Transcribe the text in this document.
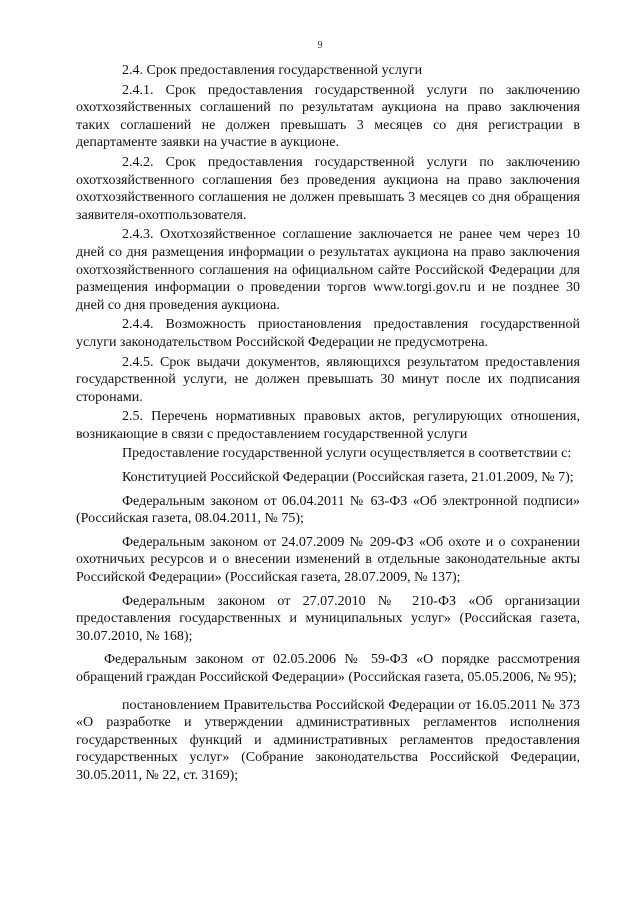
9

2.4. Срок предоставления государственной услуги

2.4.1. Срок предоставления государственной услуги по заключению охотхозяйственных соглашений по результатам аукциона на право заключения таких соглашений не должен превышать 3 месяцев со дня регистрации в департаменте заявки на участие в аукционе.

2.4.2. Срок предоставления государственной услуги по заключению охотхозяйственного соглашения без проведения аукциона на право заключения охотхозяйственного соглашения не должен превышать 3 месяцев со дня обращения заявителя-охотпользователя.

2.4.3. Охотхозяйственное соглашение заключается не ранее чем через 10 дней со дня размещения информации о результатах аукциона на право заключения охотхозяйственного соглашения на официальном сайте Российской Федерации для размещения информации о проведении торгов www.torgi.gov.ru и не позднее 30 дней со дня проведения аукциона.

2.4.4. Возможность приостановления предоставления государственной услуги законодательством Российской Федерации не предусмотрена.

2.4.5. Срок выдачи документов, являющихся результатом предоставления государственной услуги, не должен превышать 30 минут после их подписания сторонами.

2.5. Перечень нормативных правовых актов, регулирующих отношения, возникающие в связи с предоставлением государственной услуги

Предоставление государственной услуги осуществляется в соответствии с:

Конституцией Российской Федерации (Российская газета, 21.01.2009, № 7);

Федеральным законом от 06.04.2011 № 63-ФЗ «Об электронной подписи» (Российская газета, 08.04.2011, № 75);

Федеральным законом от 24.07.2009 № 209-ФЗ «Об охоте и о сохранении охотничьих ресурсов и о внесении изменений в отдельные законодательные акты Российской Федерации» (Российская газета, 28.07.2009, № 137);

Федеральным законом от 27.07.2010 № 210-ФЗ «Об организации предоставления государственных и муниципальных услуг» (Российская газета, 30.07.2010, № 168);

Федеральным законом от 02.05.2006 № 59-ФЗ «О порядке рассмотрения обращений граждан Российской Федерации» (Российская газета, 05.05.2006, № 95);

постановлением Правительства Российской Федерации от 16.05.2011 № 373 «О разработке и утверждении административных регламентов исполнения государственных функций и административных регламентов предоставления государственных услуг» (Собрание законодательства Российской Федерации, 30.05.2011, № 22, ст. 3169);
